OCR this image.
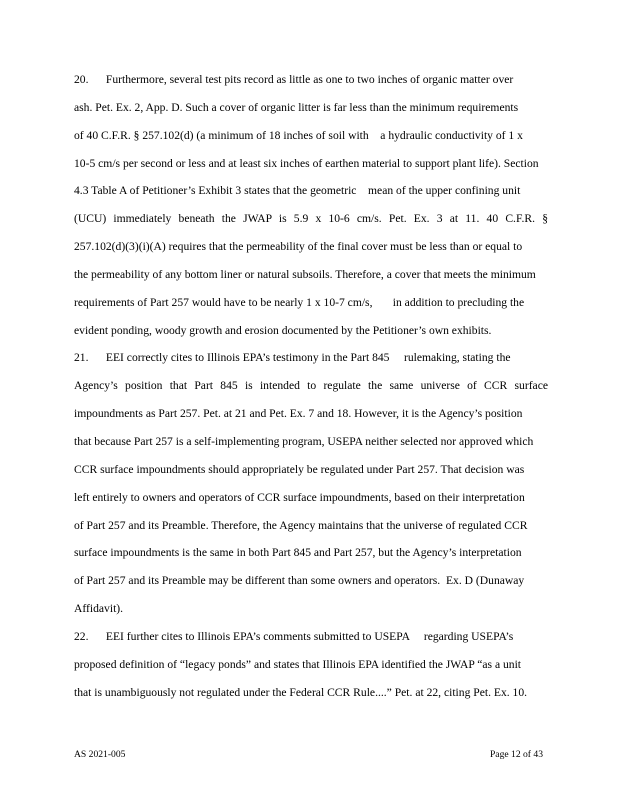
20.      Furthermore, several test pits record as little as one to two inches of organic matter over
ash. Pet. Ex. 2, App. D. Such a cover of organic litter is far less than the minimum requirements
of 40 C.F.R. § 257.102(d) (a minimum of 18 inches of soil with    a hydraulic conductivity of 1 x
10-5 cm/s per second or less and at least six inches of earthen material to support plant life). Section
4.3 Table A of Petitioner’s Exhibit 3 states that the geometric    mean of the upper confining unit
(UCU) immediately beneath the JWAP is 5.9 x 10-6 cm/s. Pet. Ex. 3 at 11. 40 C.F.R. §
257.102(d)(3)(i)(A) requires that the permeability of the final cover must be less than or equal to
the permeability of any bottom liner or natural subsoils. Therefore, a cover that meets the minimum
requirements of Part 257 would have to be nearly 1 x 10-7 cm/s,       in addition to precluding the
evident ponding, woody growth and erosion documented by the Petitioner’s own exhibits.
21.      EEI correctly cites to Illinois EPA’s testimony in the Part 845     rulemaking, stating the
Agency’s position that Part 845 is intended to regulate the same universe of CCR surface
impoundments as Part 257. Pet. at 21 and Pet. Ex. 7 and 18. However, it is the Agency’s position
that because Part 257 is a self-implementing program, USEPA neither selected nor approved which
CCR surface impoundments should appropriately be regulated under Part 257. That decision was
left entirely to owners and operators of CCR surface impoundments, based on their interpretation
of Part 257 and its Preamble. Therefore, the Agency maintains that the universe of regulated CCR
surface impoundments is the same in both Part 845 and Part 257, but the Agency’s interpretation
of Part 257 and its Preamble may be different than some owners and operators.  Ex. D (Dunaway
Affidavit).
22.      EEI further cites to Illinois EPA’s comments submitted to USEPA     regarding USEPA’s
proposed definition of “legacy ponds” and states that Illinois EPA identified the JWAP “as a unit
that is unambiguously not regulated under the Federal CCR Rule....” Pet. at 22, citing Pet. Ex. 10.
AS 2021-005	Page 12 of 43
